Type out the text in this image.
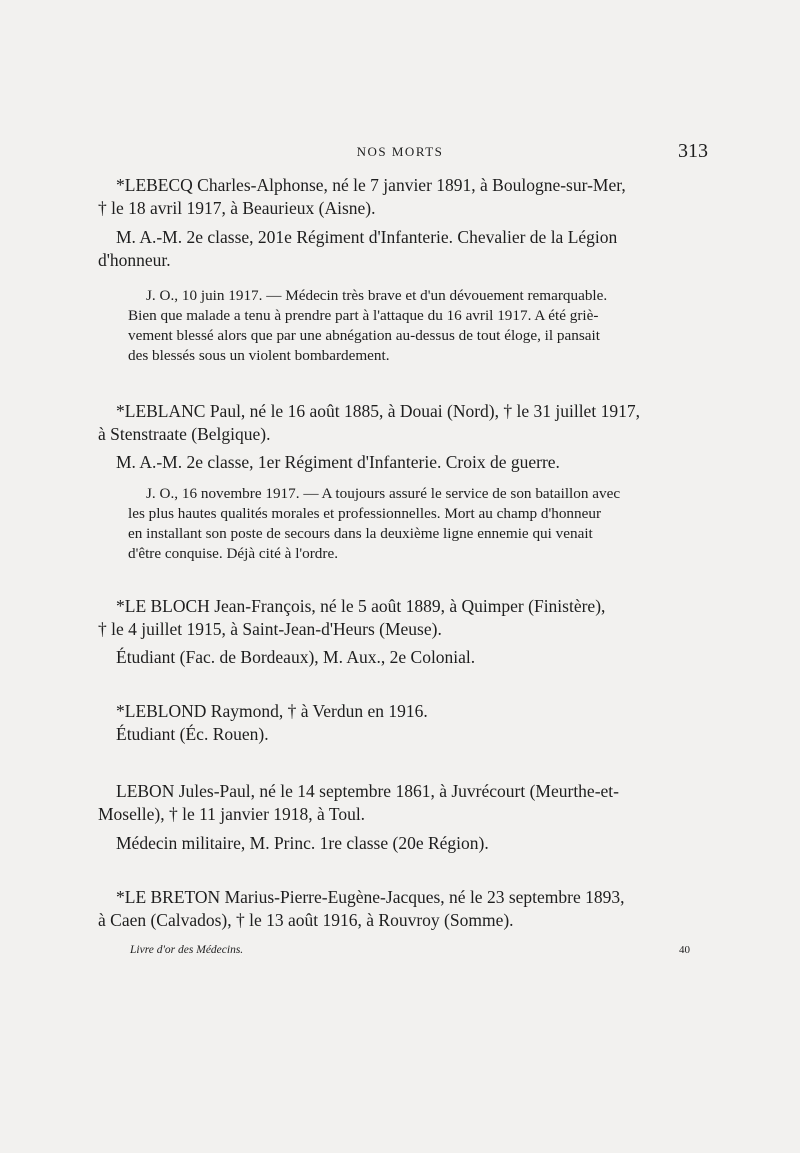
NOS MORTS	313
*LEBECQ Charles-Alphonse, né le 7 janvier 1891, à Boulogne-sur-Mer,
† le 18 avril 1917, à Beaurieux (Aisne).
M. A.-M. 2e classe, 201e Régiment d'Infanterie. Chevalier de la Légion
d'honneur.
J. O., 10 juin 1917. — Médecin très brave et d'un dévouement remarquable.
Bien que malade a tenu à prendre part à l'attaque du 16 avril 1917. A été griè-
vement blessé alors que par une abnégation au-dessus de tout éloge, il pansait
des blessés sous un violent bombardement.
*LEBLANC Paul, né le 16 août 1885, à Douai (Nord), † le 31 juillet 1917,
à Stenstraate (Belgique).
M. A.-M. 2e classe, 1er Régiment d'Infanterie. Croix de guerre.
J. O., 16 novembre 1917. — A toujours assuré le service de son bataillon avec
les plus hautes qualités morales et professionnelles. Mort au champ d'honneur
en installant son poste de secours dans la deuxième ligne ennemie qui venait
d'être conquise. Déjà cité à l'ordre.
*LE BLOCH Jean-François, né le 5 août 1889, à Quimper (Finistère),
† le 4 juillet 1915, à Saint-Jean-d'Heurs (Meuse).
Étudiant (Fac. de Bordeaux), M. Aux., 2e Colonial.
*LEBLOND Raymond, † à Verdun en 1916.
Étudiant (Éc. Rouen).
LEBON Jules-Paul, né le 14 septembre 1861, à Juvrécourt (Meurthe-et-
Moselle), † le 11 janvier 1918, à Toul.
Médecin militaire, M. Princ. 1re classe (20e Région).
*LE BRETON Marius-Pierre-Eugène-Jacques, né le 23 septembre 1893,
à Caen (Calvados), † le 13 août 1916, à Rouvroy (Somme).
Livre d'or des Médecins.	40
